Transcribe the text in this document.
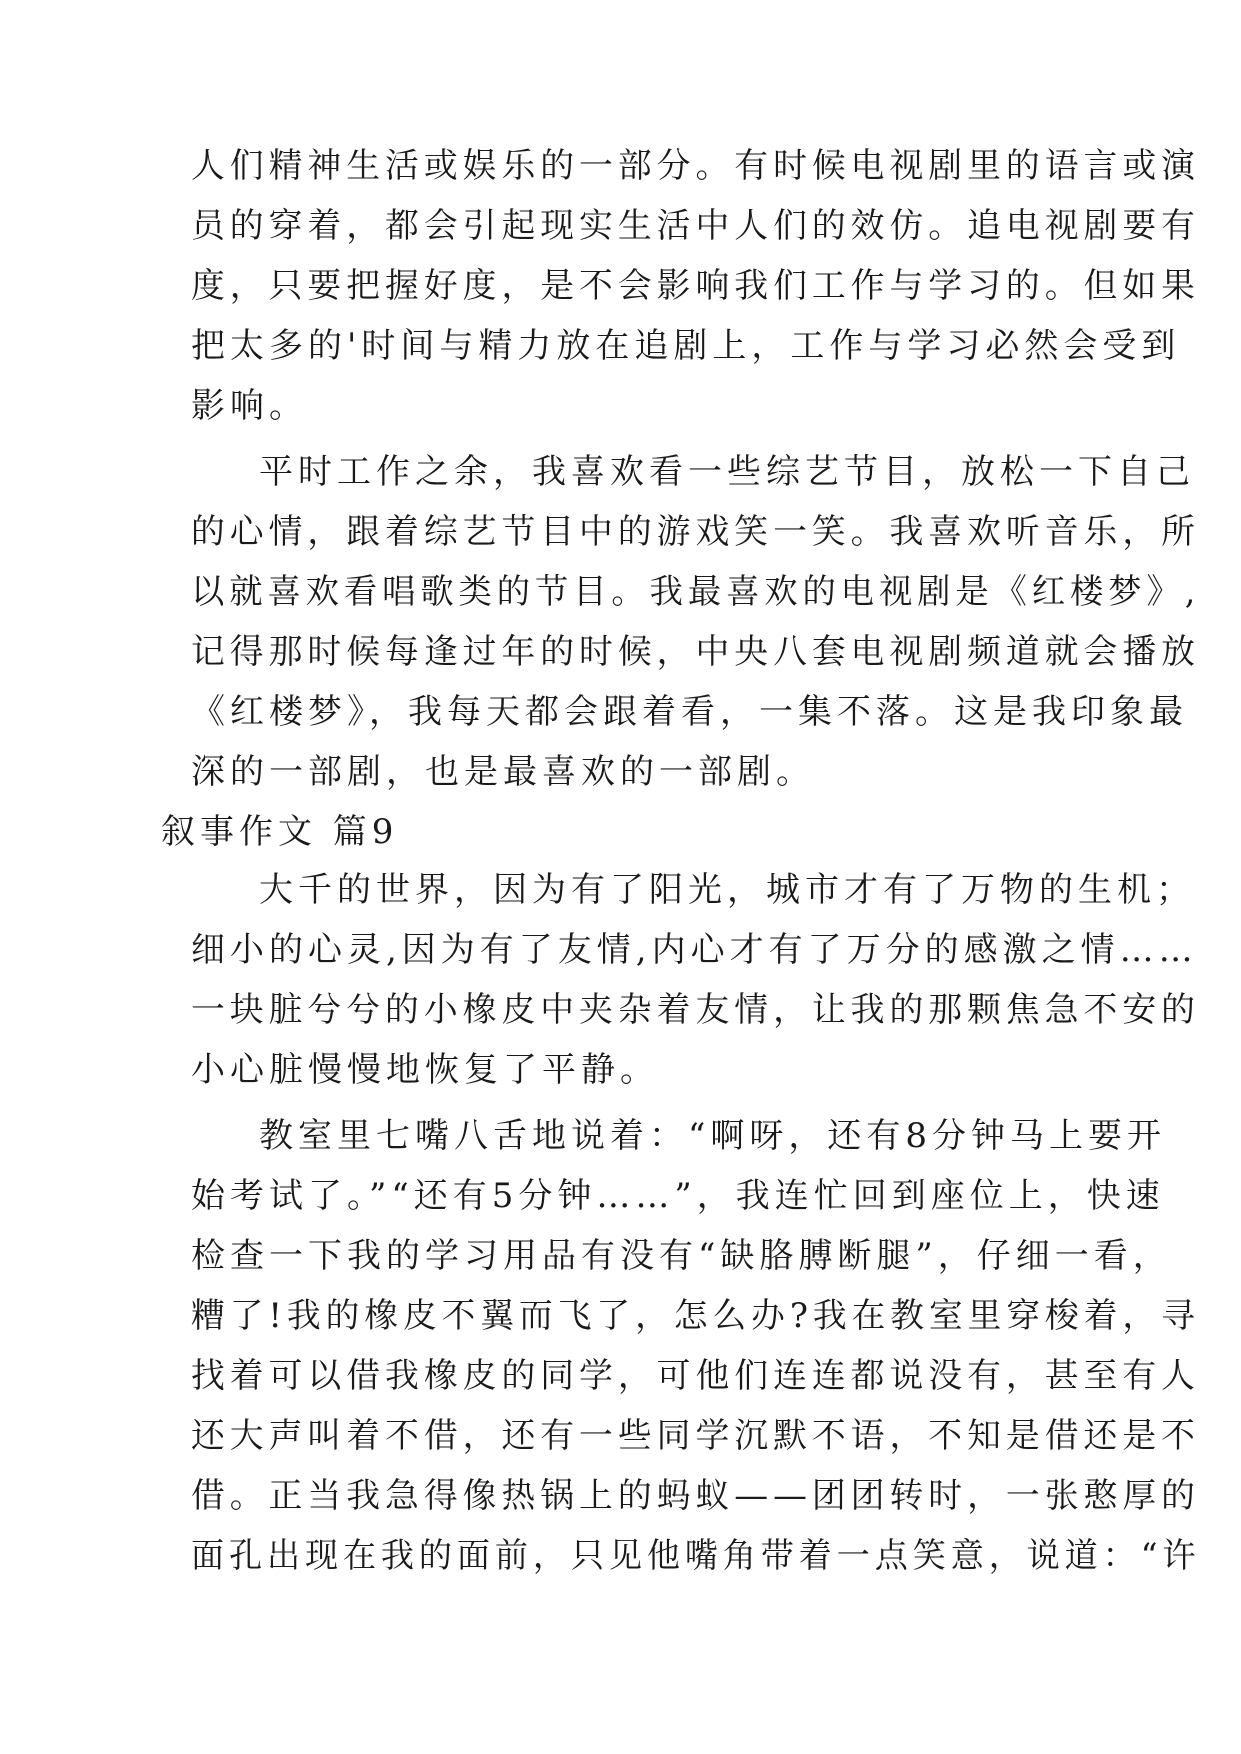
人们精神生活或娱乐的一部分。有时候电视剧里的语言或演
员的穿着，都会引起现实生活中人们的效仿。追电视剧要有
度，只要把握好度，是不会影响我们工作与学习的。但如果
把太多的'时间与精力放在追剧上，工作与学习必然会受到
影响。
平时工作之余，我喜欢看一些综艺节目，放松一下自己
的心情，跟着综艺节目中的游戏笑一笑。我喜欢听音乐，所
以就喜欢看唱歌类的节目。我最喜欢的电视剧是《红楼梦》,
记得那时候每逢过年的时候，中央八套电视剧频道就会播放
《红楼梦》，我每天都会跟着看，一集不落。这是我印象最
深的一部剧，也是最喜欢的一部剧。
叙事作文 篇9
大千的世界，因为有了阳光，城市才有了万物的生机；
细小的心灵,因为有了友情,内心才有了万分的感激之情……
一块脏兮兮的小橡皮中夹杂着友情，让我的那颗焦急不安的
小心脏慢慢地恢复了平静。
教室里七嘴八舌地说着：“啊呀，还有8分钟马上要开
始考试了。”“还有5分钟……”，我连忙回到座位上，快速
检查一下我的学习用品有没有“缺胳膊断腿”，仔细一看，
糟了!我的橡皮不翼而飞了，怎么办?我在教室里穿梭着，寻
找着可以借我橡皮的同学，可他们连连都说没有，甚至有人
还大声叫着不借，还有一些同学沉默不语，不知是借还是不
借。正当我急得像热锅上的蚂蚁——团团转时，一张憨厚的
面孔出现在我的面前，只见他嘴角带着一点笑意，说道：“许
